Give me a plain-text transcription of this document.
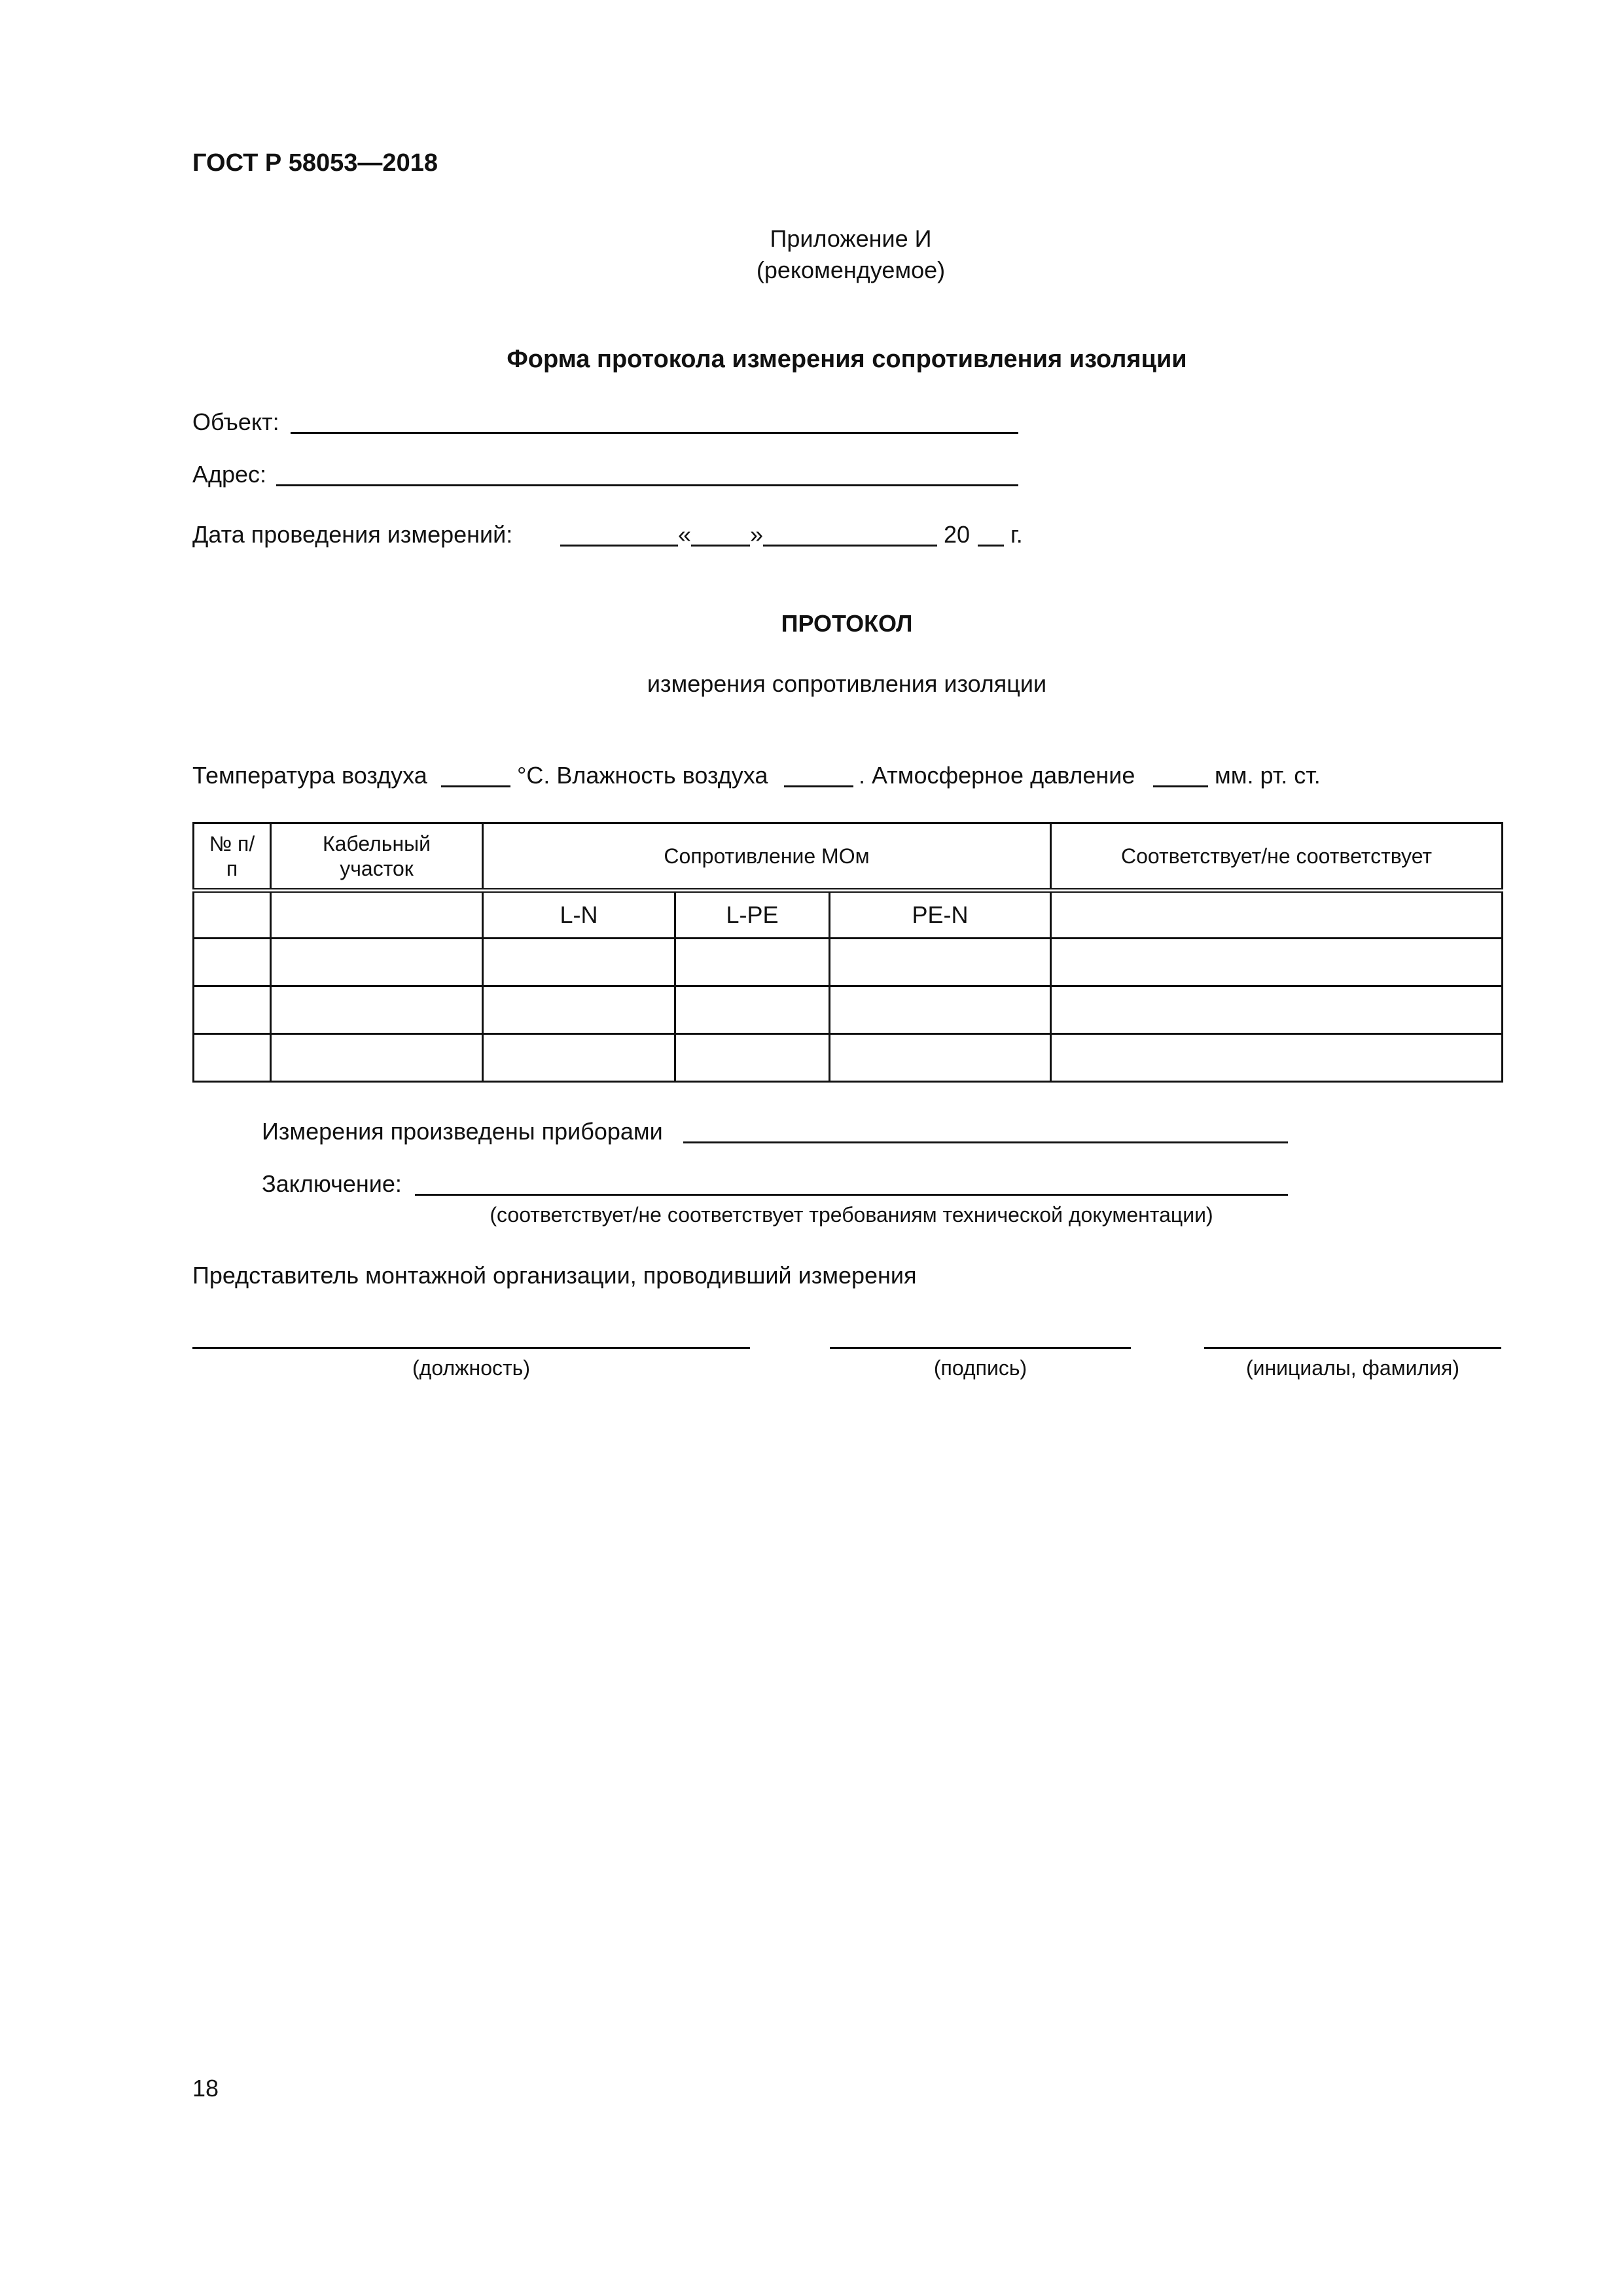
ГОСТ Р 58053—2018
Приложение И
(рекомендуемое)
Форма протокола измерения сопротивления изоляции
Объект:
Адрес:
Дата проведения измерений:	« »	20 г.
ПРОТОКОЛ
измерения сопротивления изоляции
Температура воздуха	°С. Влажность воздуха	. Атмосферное давление	мм. рт. ст.
№ п/п	Кабельный участок	Сопротивление МОм			Соответствует/не соответствует
		L-N	L-PE	PE-N	

Измерения произведены приборами
Заключение:
(соответствует/не соответствует требованиям технической документации)
Представитель монтажной организации, проводивший измерения
(должность)	(подпись)	(инициалы, фамилия)
18
